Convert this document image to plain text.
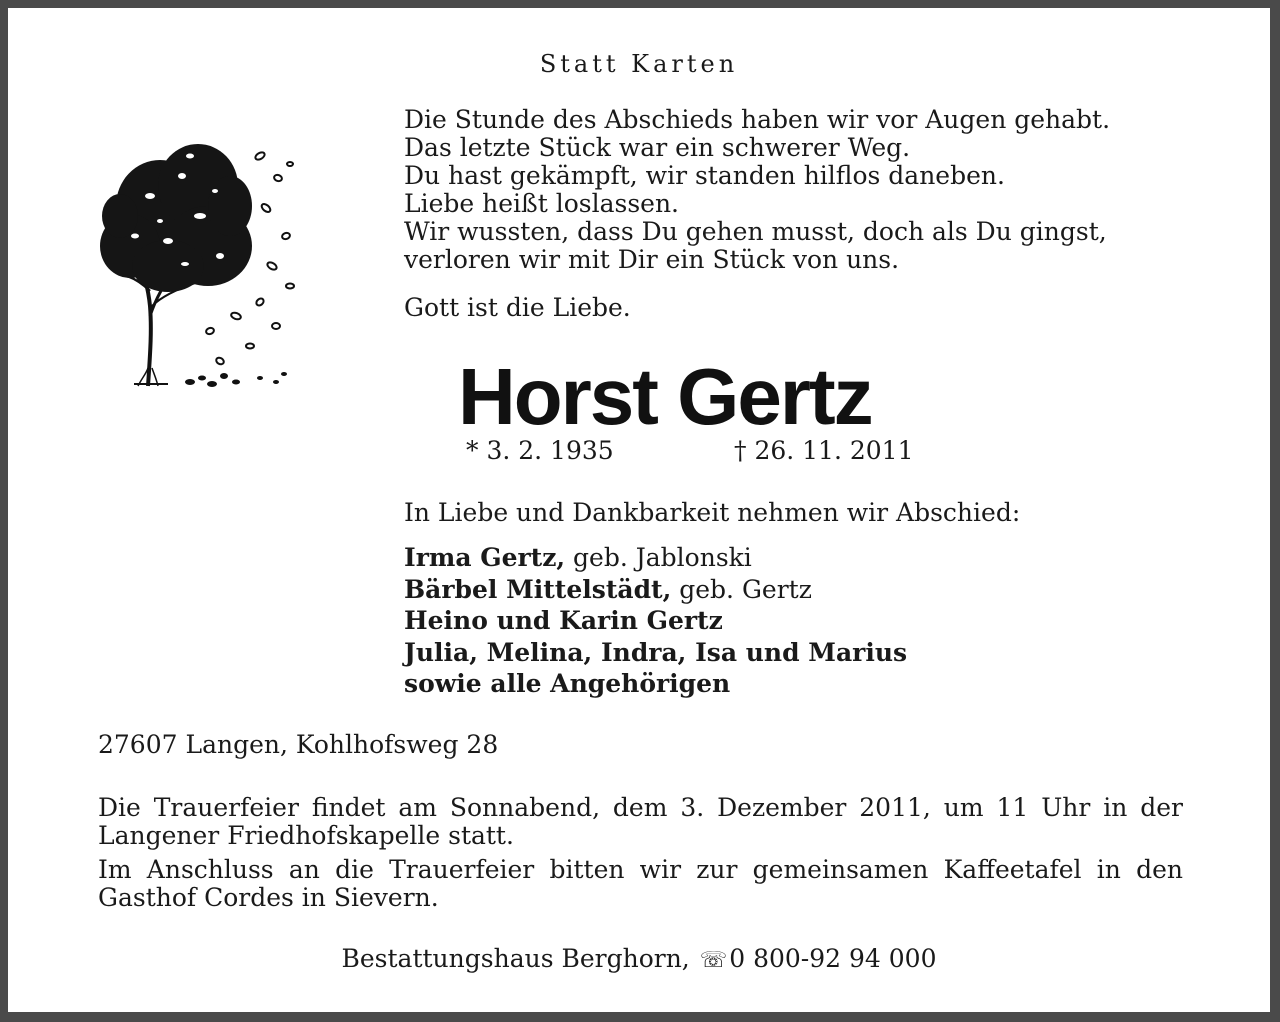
Statt Karten
Die Stunde des Abschieds haben wir vor Augen gehabt.
Das letzte Stück war ein schwerer Weg.
Du hast gekämpft, wir standen hilflos daneben.
Liebe heißt loslassen.
Wir wussten, dass Du gehen musst, doch als Du gingst,
verloren wir mit Dir ein Stück von uns.
Gott ist die Liebe.
Horst Gertz
* 3. 2. 1935	† 26. 11. 2011
In Liebe und Dankbarkeit nehmen wir Abschied:
Irma Gertz, geb. Jablonski
Bärbel Mittelstädt, geb. Gertz
Heino und Karin Gertz
Julia, Melina, Indra, Isa und Marius
sowie alle Angehörigen
27607 Langen, Kohlhofsweg 28
Die Trauerfeier findet am Sonnabend, dem 3. Dezember 2011, um 11 Uhr in der Langener Friedhofskapelle statt.
Im Anschluss an die Trauerfeier bitten wir zur gemeinsamen Kaffeetafel in den Gasthof Cordes in Sievern.
Bestattungshaus Berghorn, ☏0 800-92 94 000
